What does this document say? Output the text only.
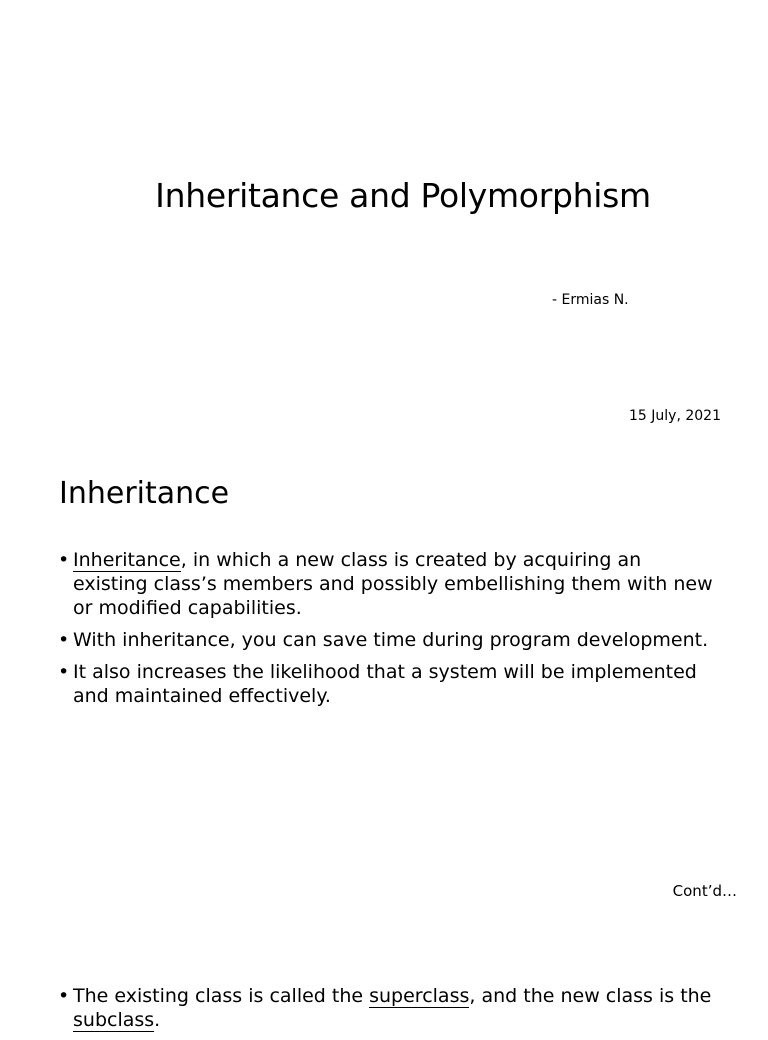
Inheritance and Polymorphism
- Ermias N.
15 July, 2021
Inheritance
• Inheritance, in which a new class is created by acquiring an existing class’s members and possibly embellishing them with new or modified capabilities.
• With inheritance, you can save time during program development.
• It also increases the likelihood that a system will be implemented and maintained effectively.
Cont’d…
• The existing class is called the superclass, and the new class is the subclass.
